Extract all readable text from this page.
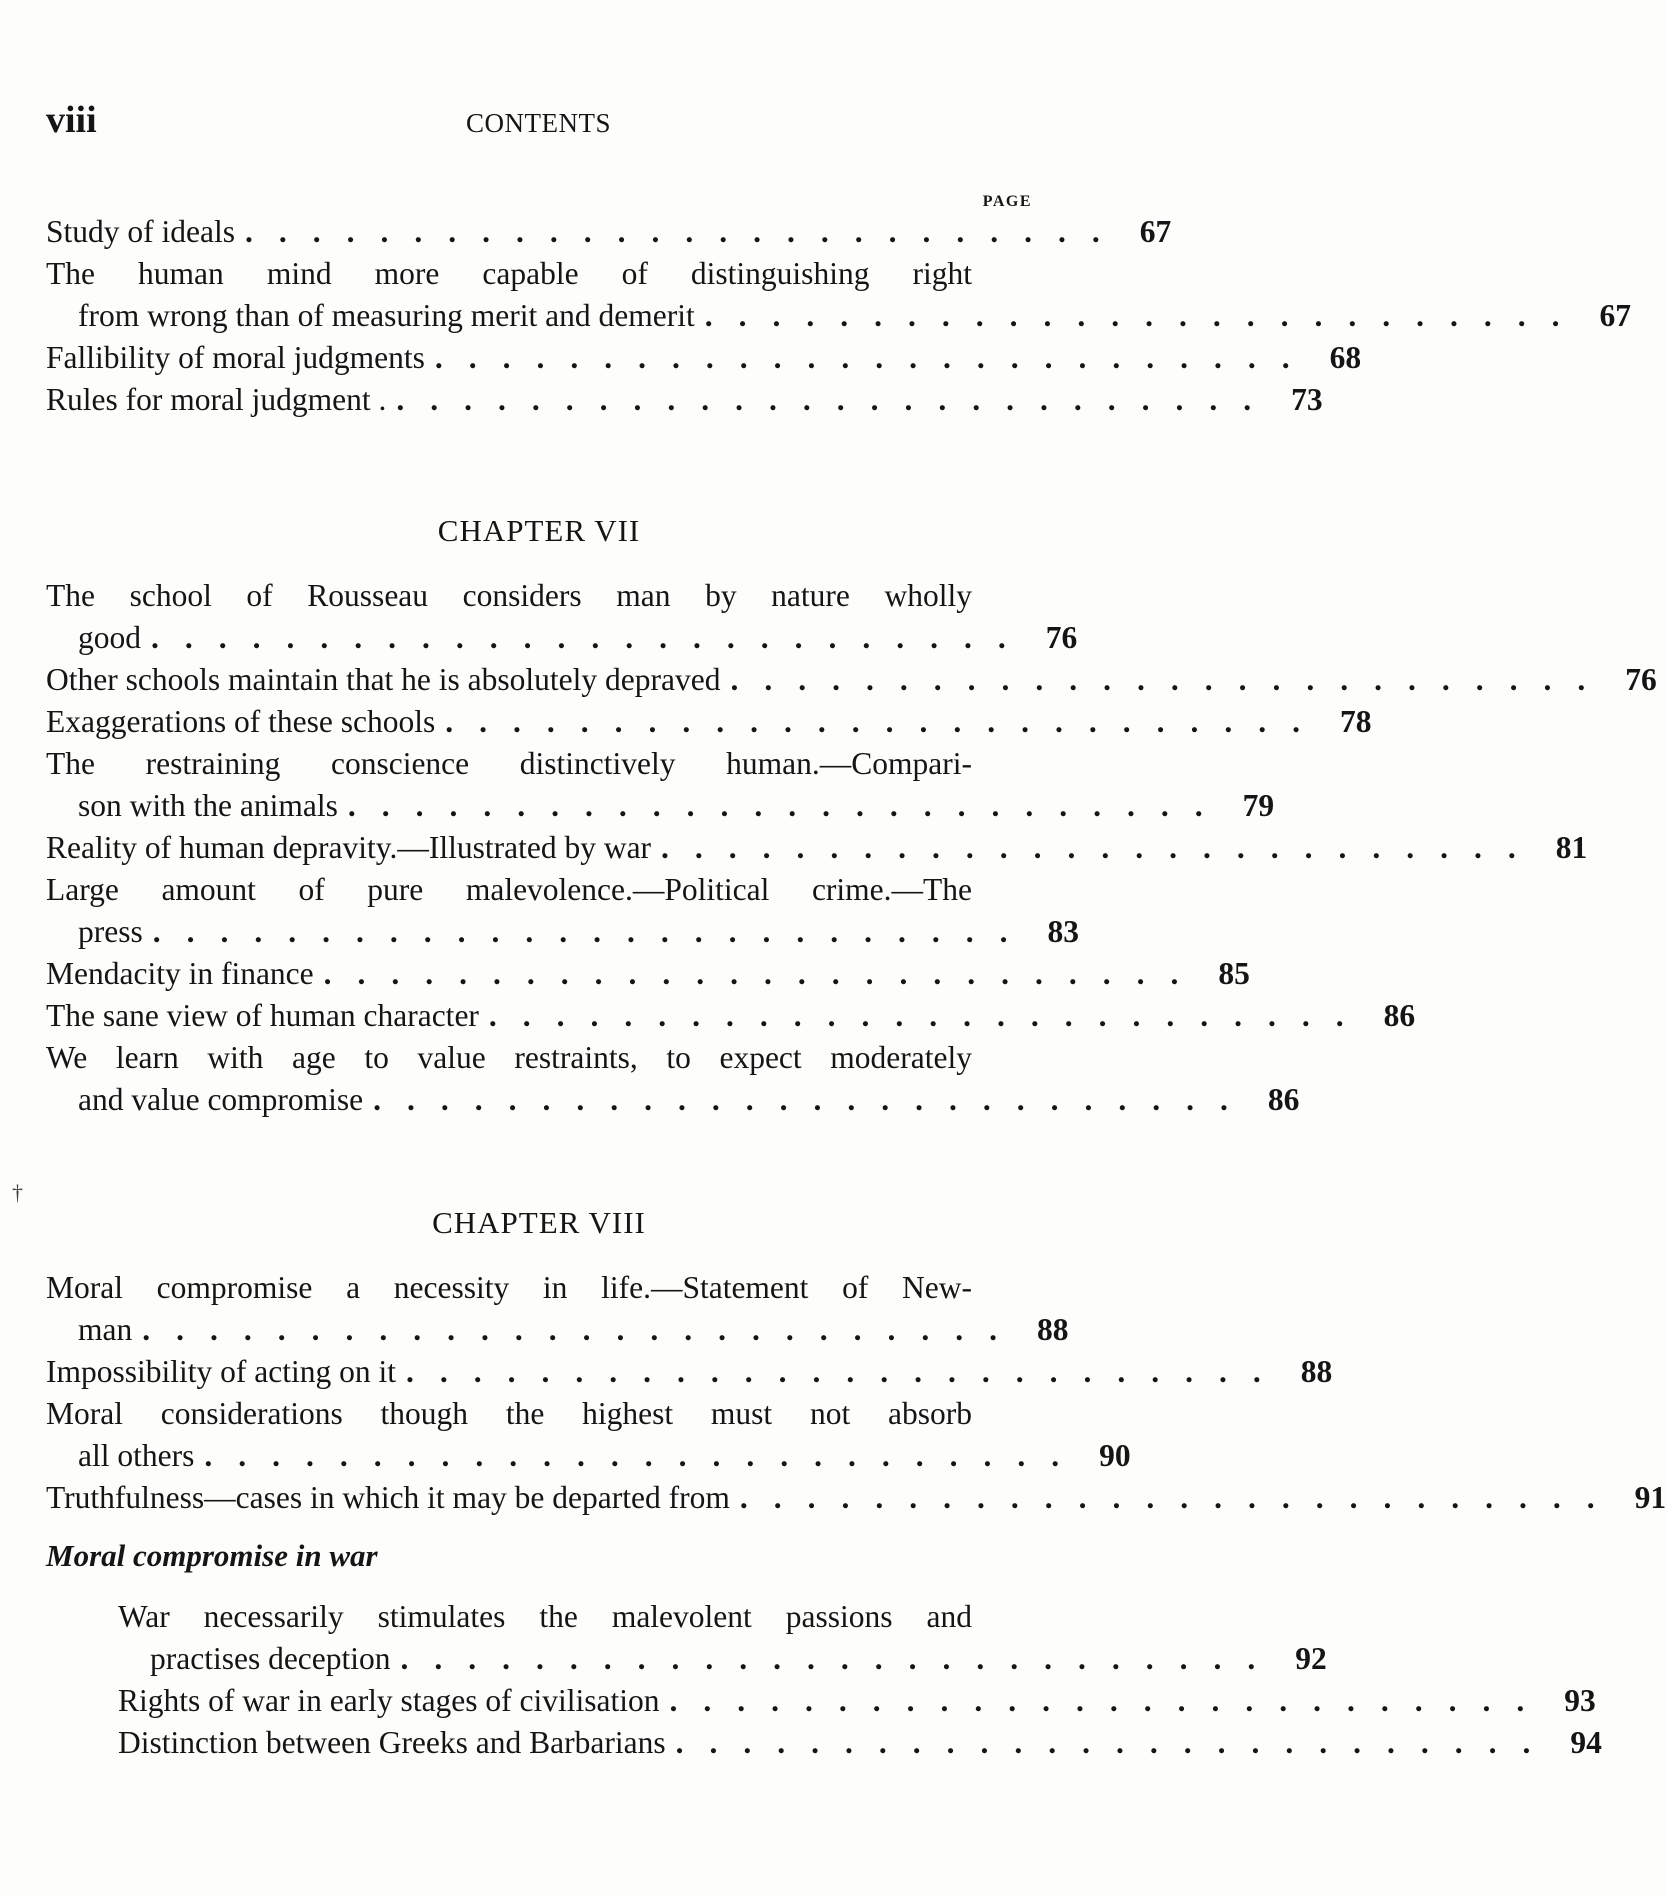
viii	CONTENTS
PAGE
Study of ideals .......................... 67
The human mind more capable of distinguishing right
from wrong than of measuring merit and demerit .......................... 67
Fallibility of moral judgments .......................... 68
Rules for moral judgment . .......................... 73
CHAPTER VII
The school of Rousseau considers man by nature wholly
good .......................... 76
Other schools maintain that he is absolutely depraved .......................... 76
Exaggerations of these schools .......................... 78
The restraining conscience distinctively human.—Compari-
son with the animals .......................... 79
Reality of human depravity.—Illustrated by war .......................... 81
Large amount of pure malevolence.—Political crime.—The
press .......................... 83
Mendacity in finance .......................... 85
The sane view of human character .......................... 86
We learn with age to value restraints, to expect moderately
and value compromise .......................... 86
CHAPTER VIII
Moral compromise a necessity in life.—Statement of New-
man .......................... 88
Impossibility of acting on it .......................... 88
Moral considerations though the highest must not absorb
all others .......................... 90
Truthfulness—cases in which it may be departed from .......................... 91
Moral compromise in war
War necessarily stimulates the malevolent passions and
practises deception .......................... 92
Rights of war in early stages of civilisation .......................... 93
Distinction between Greeks and Barbarians .......................... 94
†
